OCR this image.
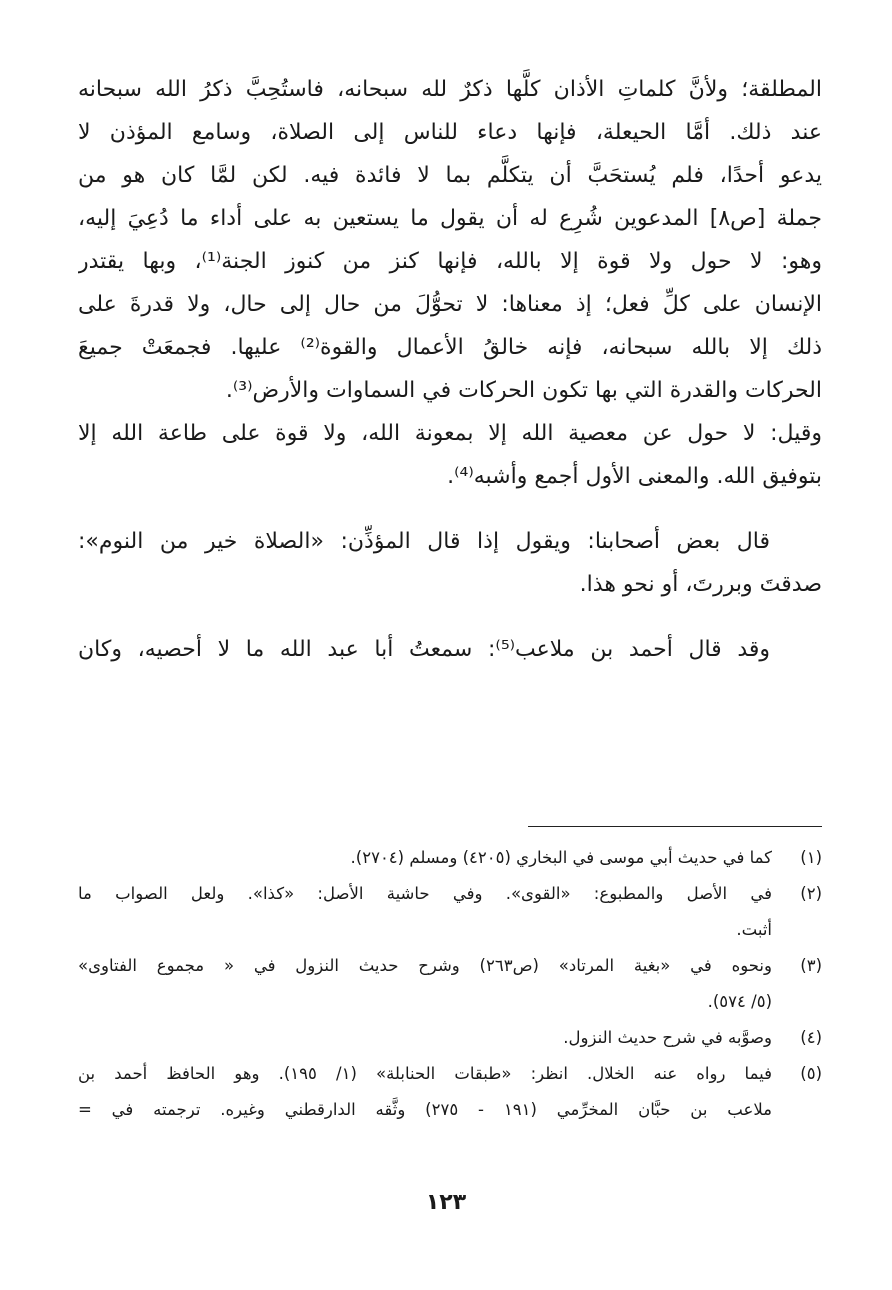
المطلقة؛ ولأنَّ كلماتِ الأذان كلَّها ذكرٌ لله سبحانه، فاستُحِبَّ ذكرُ الله سبحانه
عند ذلك. أمَّا الحيعلة، فإنها دعاء للناس إلى الصلاة، وسامع المؤذن لا
يدعو أحدًا، فلم يُستحَبَّ أن يتكلَّم بما لا فائدة فيه. لكن لمَّا كان هو من
جملة [ص٨] المدعوين شُرِع له أن يقول ما يستعين به على أداء ما دُعِيَ إليه،
وهو: لا حول ولا قوة إلا بالله، فإنها كنز من كنوز الجنة⁽¹⁾، وبها يقتدر
الإنسان على كلِّ فعل؛ إذ معناها: لا تحوُّلَ من حال إلى حال، ولا قدرةَ على
ذلك إلا بالله سبحانه، فإنه خالقُ الأعمال والقوة⁽²⁾ عليها. فجمعَتْ جميعَ
الحركات والقدرة التي بها تكون الحركات في السماوات والأرض⁽³⁾.
وقيل: لا حول عن معصية الله إلا بمعونة الله، ولا قوة على طاعة الله إلا
بتوفيق الله. والمعنى الأول أجمع وأشبه⁽⁴⁾.
قال بعض أصحابنا: ويقول إذا قال المؤذِّن: «الصلاة خير من النوم»:
صدقتَ وبررتَ، أو نحو هذا.
وقد قال أحمد بن ملاعب⁽⁵⁾: سمعتُ أبا عبد الله ما لا أحصيه، وكان
(١)
كما في حديث أبي موسى في البخاري (٤٢٠٥) ومسلم (٢٧٠٤).
(٢)
في الأصل والمطبوع: «القوى». وفي حاشية الأصل: «كذا». ولعل الصواب ما
أثبت.
(٣)
ونحوه في «بغية المرتاد» (ص٢٦٣) وشرح حديث النزول في « مجموع الفتاوى»
(٥/ ٥٧٤).
(٤)
وصوَّبه في شرح حديث النزول.
(٥)
فيما رواه عنه الخلال. انظر: «طبقات الحنابلة» (١/ ١٩٥). وهو الحافظ أحمد بن
ملاعب بن حبَّان المخرِّمي (١٩١ - ٢٧٥) وثَّقه الدارقطني وغيره. ترجمته في =
١٢٣
